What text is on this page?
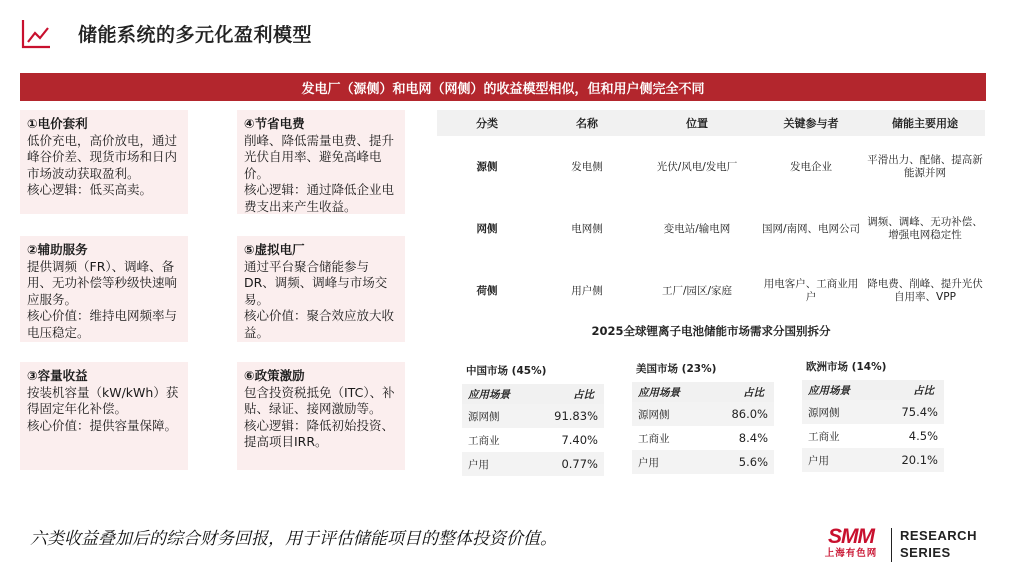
储能系统的多元化盈利模型
发电厂（源侧）和电网（网侧）的收益模型相似，但和用户侧完全不同
①电价套利
低价充电，高价放电，通过峰谷价差、现货市场和日内市场波动获取盈利。
核心逻辑：低买高卖。
②辅助服务
提供调频（FR）、调峰、备用、无功补偿等秒级快速响应服务。
核心价值：维持电网频率与电压稳定。
③容量收益
按装机容量（kW/kWh）获得固定年化补偿。
核心价值：提供容量保障。
④节省电费
削峰、降低需量电费、提升光伏自用率、避免高峰电价。
核心逻辑：通过降低企业电费支出来产生收益。
⑤虚拟电厂
通过平台聚合储能参与 DR、调频、调峰与市场交易。
核心价值：聚合效应放大收益。
⑥政策激励
包含投资税抵免（ITC）、补贴、绿证、接网激励等。
核心逻辑：降低初始投资、提高项目IRR。
分类	名称	位置	关键参与者	储能主要用途
源侧	发电侧	光伏/风电/发电厂	发电企业	平滑出力、配储、提高新能源并网
网侧	电网侧	变电站/输电网	国网/南网、电网公司	调频、调峰、无功补偿、增强电网稳定性
荷侧	用户侧	工厂/园区/家庭	用电客户、工商业用户	降电费、削峰、提升光伏自用率、VPP
2025全球锂离子电池储能市场需求分国别拆分
中国市场 (45%)
应用场景	占比
源网侧	91.83%
工商业	7.40%
户用	0.77%
美国市场 (23%)
应用场景	占比
源网侧	86.0%
工商业	8.4%
户用	5.6%
欧洲市场 (14%)
应用场景	占比
源网侧	75.4%
工商业	4.5%
户用	20.1%
六类收益叠加后的综合财务回报，用于评估储能项目的整体投资价值。	SMM
上海有色网
RESEARCH
SERIES
